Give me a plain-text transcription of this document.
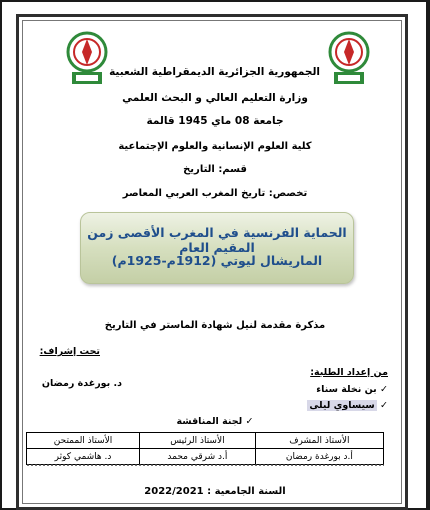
الجمهورية الجزائرية الديمقراطية الشعبية
وزارة التعليم العالي و البحث العلمي
جامعة 08 ماي 1945 قالمة
كلية العلوم الإنسانية والعلوم الإجتماعية
قسم: التاريخ
تخصص: تاريخ المغرب العربي المعاصر
الحماية الفرنسية في المغرب الأقصى زمن المقيم العام
الماريشال ليوتي (1912م-1925م)
مذكرة مقدمة لنيل شهادة الماستر في التاريخ
تحت إشراف:
د. بورغدة رمضان
من إعداد الطلبة:
✓ بن نخلة سناء
✓ سيساوي ليلى
✓ لجنة المناقشة
الأستاذ المشرف	الأستاذ الرئيس	الأستاذ الممتحن
أ.د بورغدة رمضان	أ.د شرقي محمد	د. هاشمي كوثر
السنة الجامعية : 2022/2021
